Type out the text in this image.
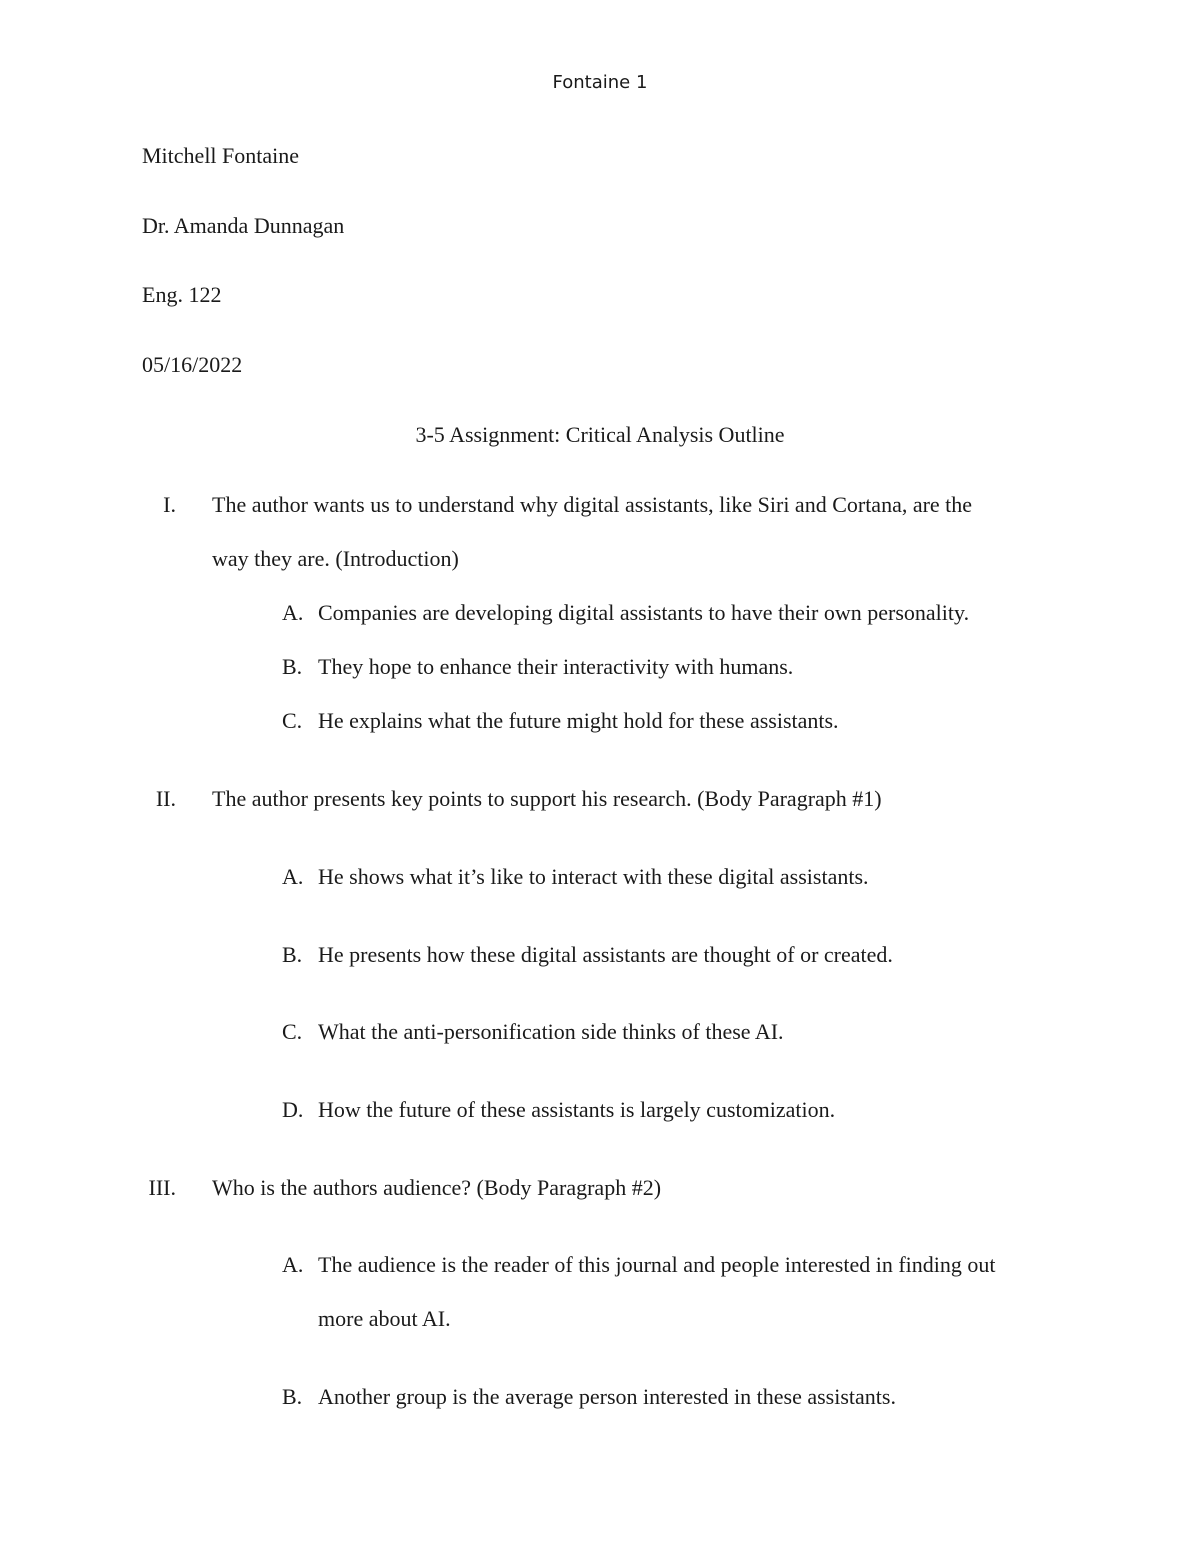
Fontaine 1
Mitchell Fontaine
Dr. Amanda Dunnagan
Eng. 122
05/16/2022
3-5 Assignment: Critical Analysis Outline
I. The author wants us to understand why digital assistants, like Siri and Cortana, are the
way they are. (Introduction)
A. Companies are developing digital assistants to have their own personality.
B. They hope to enhance their interactivity with humans.
C. He explains what the future might hold for these assistants.
II. The author presents key points to support his research. (Body Paragraph #1)
A. He shows what it’s like to interact with these digital assistants.
B. He presents how these digital assistants are thought of or created.
C. What the anti-personification side thinks of these AI.
D. How the future of these assistants is largely customization.
III. Who is the authors audience? (Body Paragraph #2)
A. The audience is the reader of this journal and people interested in finding out
more about AI.
B. Another group is the average person interested in these assistants.
